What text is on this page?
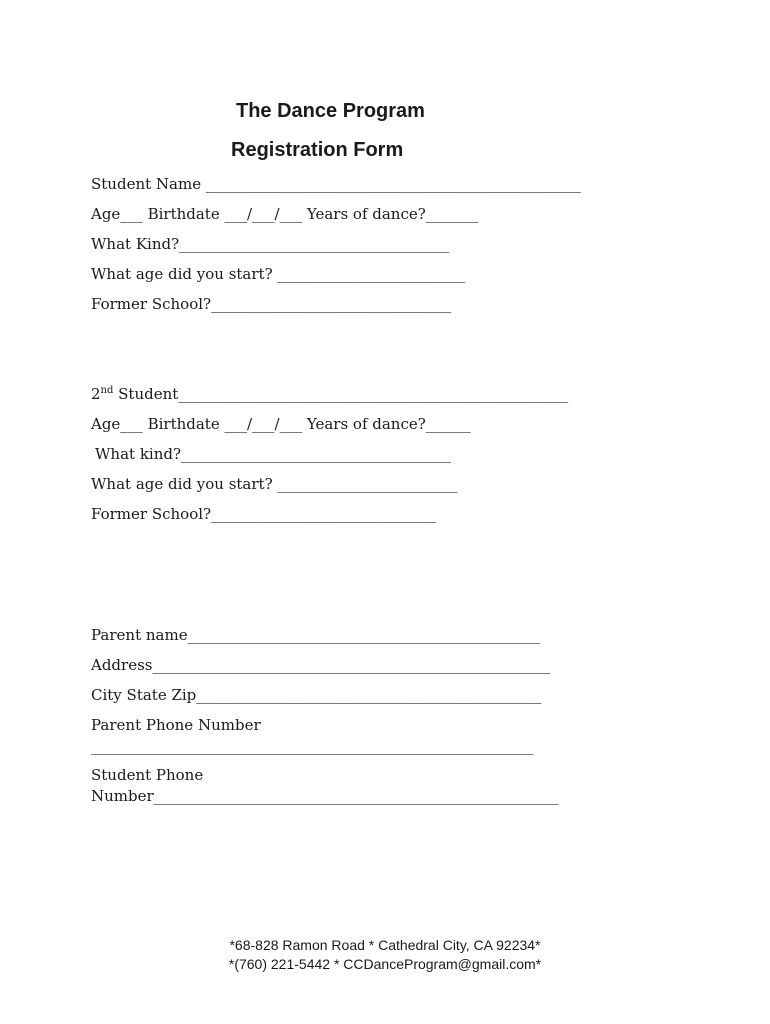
The Dance Program
Registration Form
Student Name __________________________________________________
Age___ Birthdate ___/___/___ Years of dance?_______
What Kind?____________________________________
What age did you start? _________________________
Former School?________________________________
2nd Student____________________________________________________
Age___ Birthdate ___/___/___ Years of dance?______
What kind?____________________________________
What age did you start? ________________________
Former School?______________________________
Parent name_______________________________________________
Address_____________________________________________________
City State Zip______________________________________________
Parent Phone Number
___________________________________________________________
Student Phone
Number______________________________________________________
*68-828 Ramon Road * Cathedral City, CA 92234*
*(760) 221-5442 * CCDanceProgram@gmail.com*
